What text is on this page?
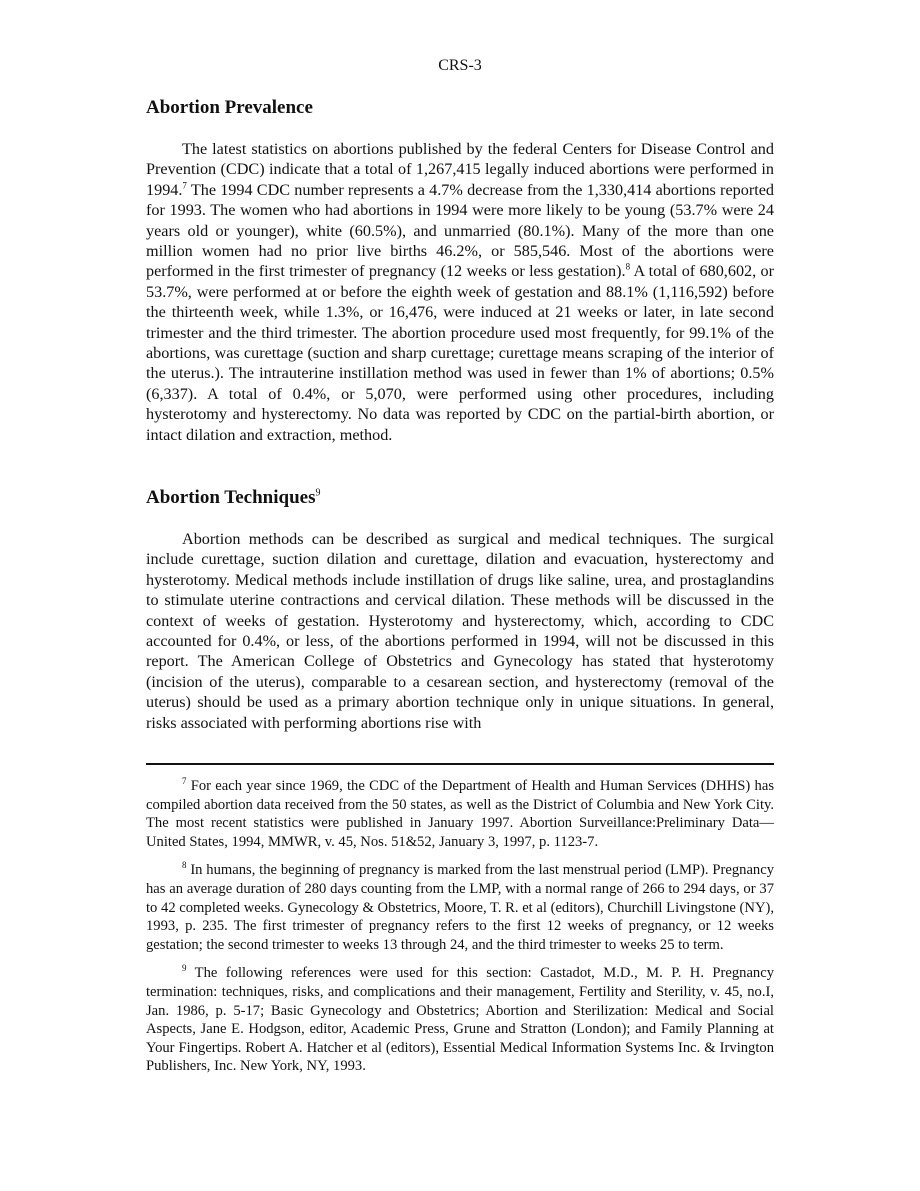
CRS-3
Abortion Prevalence

The latest statistics on abortions published by the federal Centers for Disease Control and Prevention (CDC) indicate that a total of 1,267,415 legally induced abortions were performed in 1994.$^7$ The 1994 CDC number represents a 4.7% decrease from the 1,330,414 abortions reported for 1993. The women who had abortions in 1994 were more likely to be young (53.7% were 24 years old or younger), white (60.5%), and unmarried (80.1%). Many of the more than one million women had no prior live births 46.2%, or 585,546. Most of the abortions were performed in the first trimester of pregnancy (12 weeks or less gestation).$^8$ A total of 680,602, or 53.7%, were performed at or before the eighth week of gestation and 88.1% (1,116,592) before the thirteenth week, while 1.3%, or 16,476, were induced at 21 weeks or later, in late second trimester and the third trimester. The abortion procedure used most frequently, for 99.1% of the abortions, was curettage (suction and sharp curettage; curettage means scraping of the interior of the uterus.). The intrauterine instillation method was used in fewer than 1% of abortions; 0.5% (6,337). A total of 0.4%, or 5,070, were performed using other procedures, including hysterotomy and hysterectomy. No data was reported by CDC on the partial-birth abortion, or intact dilation and extraction, method.

Abortion Techniques$^9$

Abortion methods can be described as surgical and medical techniques. The surgical include curettage, suction dilation and curettage, dilation and evacuation, hysterectomy and hysterotomy. Medical methods include instillation of drugs like saline, urea, and prostaglandins to stimulate uterine contractions and cervical dilation. These methods will be discussed in the context of weeks of gestation. Hysterotomy and hysterectomy, which, according to CDC accounted for 0.4%, or less, of the abortions performed in 1994, will not be discussed in this report. The American College of Obstetrics and Gynecology has stated that hysterotomy (incision of the uterus), comparable to a cesarean section, and hysterectomy (removal of the uterus) should be used as a primary abortion technique only in unique situations. In general, risks associated with performing abortions rise with

$^7$ For each year since 1969, the CDC of the Department of Health and Human Services (DHHS) has compiled abortion data received from the 50 states, as well as the District of Columbia and New York City. The most recent statistics were published in January 1997. Abortion Surveillance:Preliminary Data—United States, 1994, MMWR, v. 45, Nos. 51&52, January 3, 1997, p. 1123-7.

$^8$ In humans, the beginning of pregnancy is marked from the last menstrual period (LMP). Pregnancy has an average duration of 280 days counting from the LMP, with a normal range of 266 to 294 days, or 37 to 42 completed weeks. Gynecology & Obstetrics, Moore, T. R. et al (editors), Churchill Livingstone (NY), 1993, p. 235. The first trimester of pregnancy refers to the first 12 weeks of pregnancy, or 12 weeks gestation; the second trimester to weeks 13 through 24, and the third trimester to weeks 25 to term.

$^9$ The following references were used for this section: Castadot, M.D., M. P. H. Pregnancy termination: techniques, risks, and complications and their management, Fertility and Sterility, v. 45, no.I, Jan. 1986, p. 5-17; Basic Gynecology and Obstetrics; Abortion and Sterilization: Medical and Social Aspects, Jane E. Hodgson, editor, Academic Press, Grune and Stratton (London); and Family Planning at Your Fingertips. Robert A. Hatcher et al (editors), Essential Medical Information Systems Inc. & Irvington Publishers, Inc. New York, NY, 1993.
